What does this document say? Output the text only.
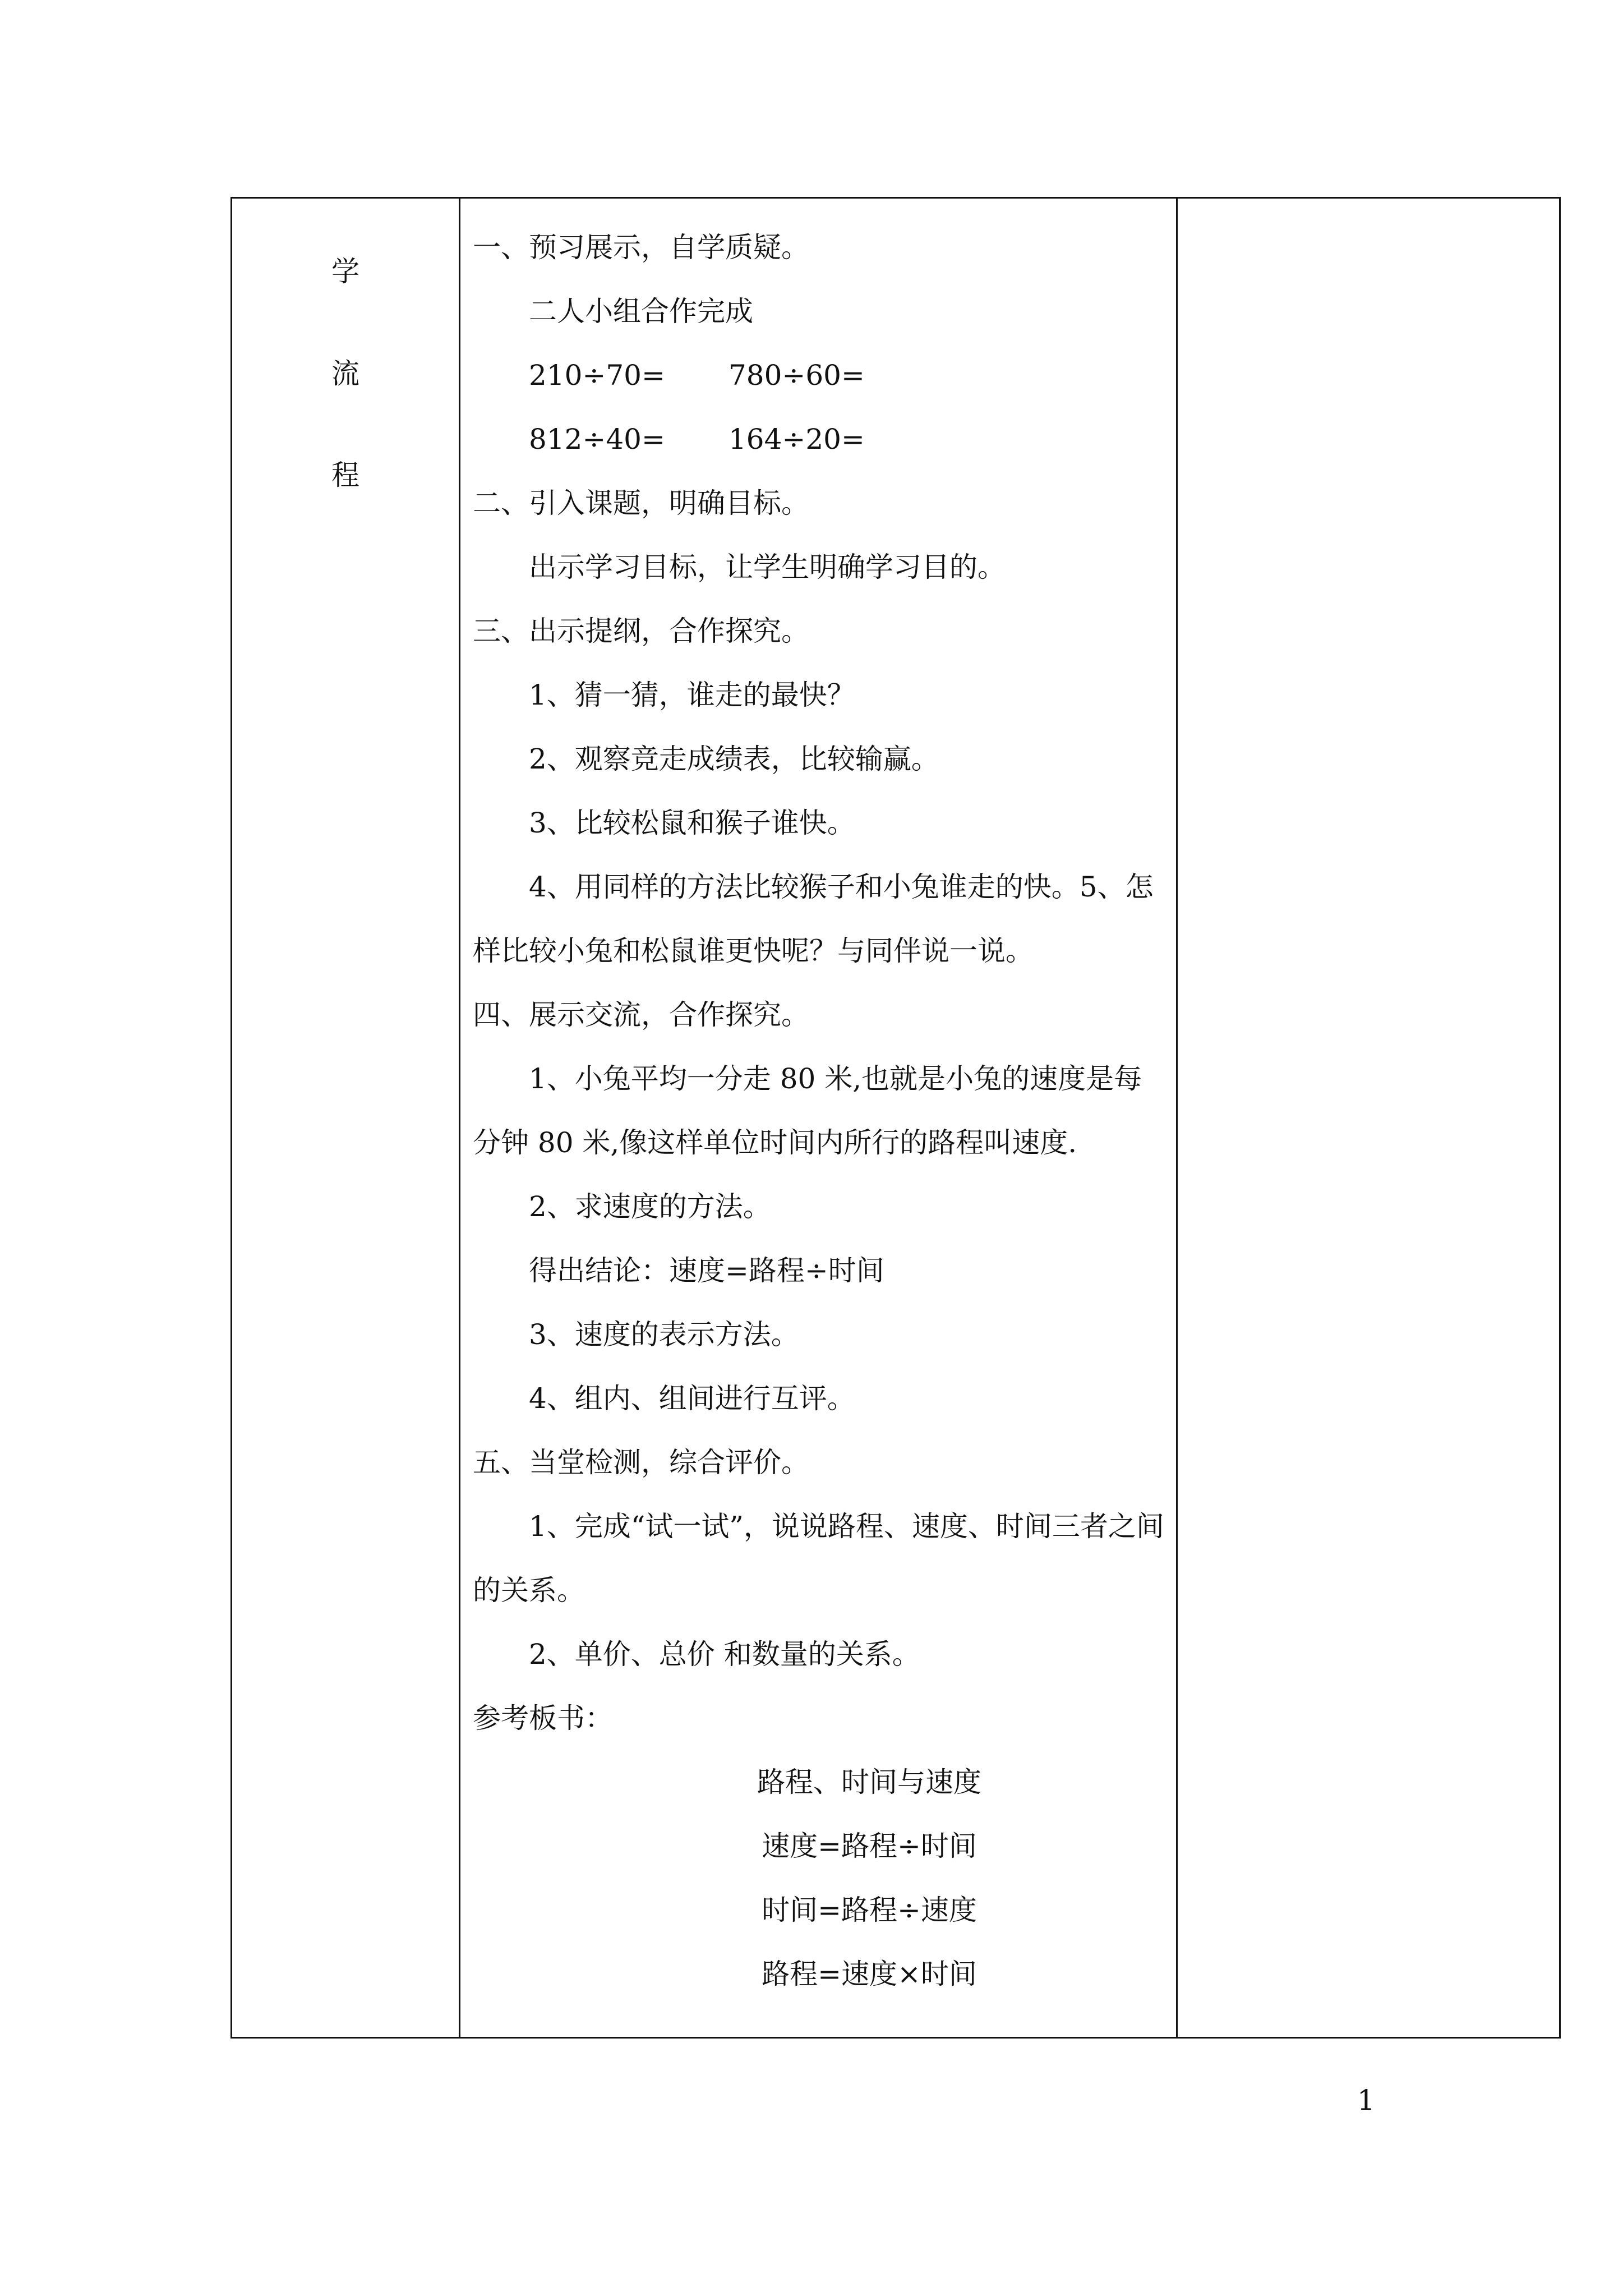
学
流
程

一、预习展示，自学质疑。
二人小组合作完成
210÷70= 780÷60=
812÷40= 164÷20=
二、引入课题，明确目标。
出示学习目标，让学生明确学习目的。
三、出示提纲，合作探究。
1、猜一猜，谁走的最快？
2、观察竞走成绩表，比较输赢。
3、比较松鼠和猴子谁快。
4、用同样的方法比较猴子和小兔谁走的快。5、怎样比较小兔和松鼠谁更快呢？与同伴说一说。
四、展示交流，合作探究。
1、小兔平均一分走 80 米,也就是小兔的速度是每分钟 80 米,像这样单位时间内所行的路程叫速度.
2、求速度的方法。
得出结论：速度=路程÷时间
3、速度的表示方法。
4、组内、组间进行互评。
五、当堂检测，综合评价。
1、完成“试一试”，说说路程、速度、时间三者之间的关系。
2、单价、总价 和数量的关系。
参考板书：
路程、时间与速度
速度=路程÷时间
时间=路程÷速度
路程=速度×时间

1
